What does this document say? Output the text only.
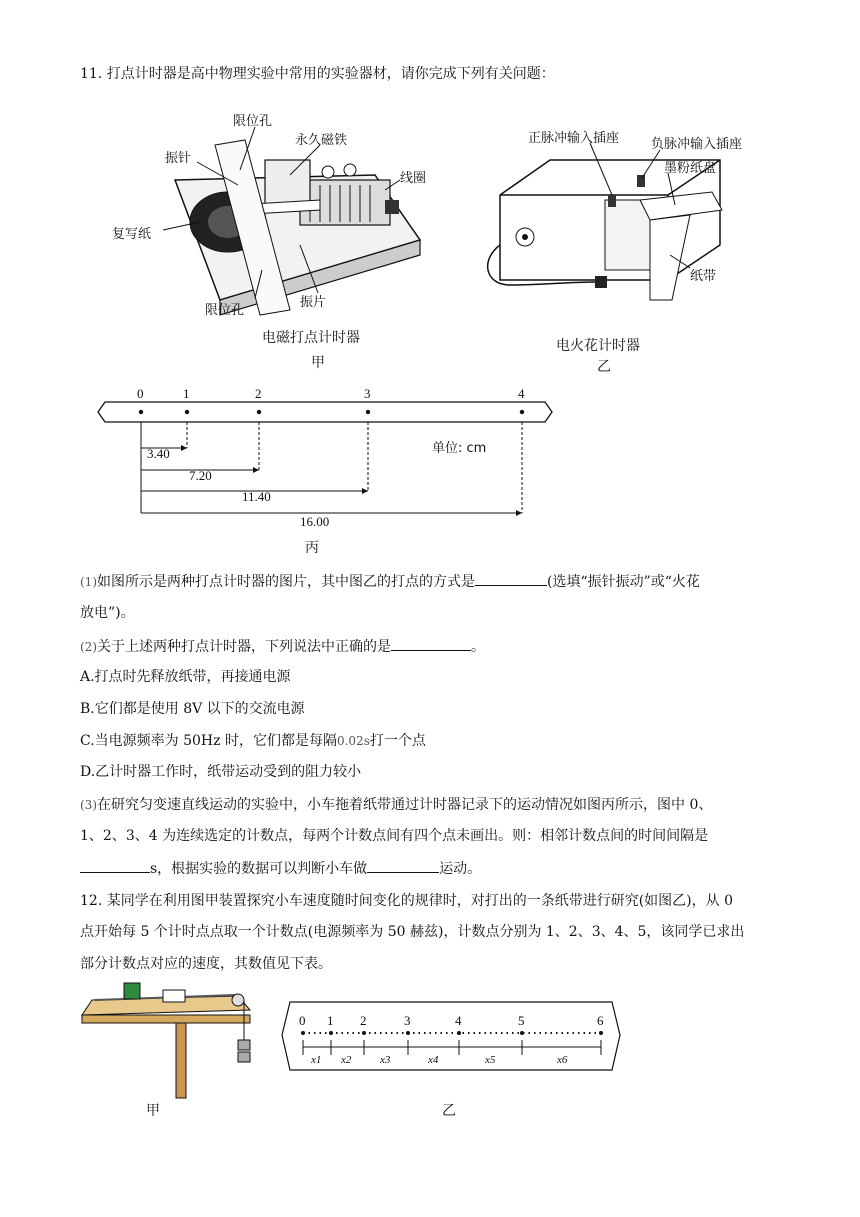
11. 打点计时器是高中物理实验中常用的实验器材，请你完成下列有关问题：
限位孔
永久磁铁
振针
线圈
复写纸
限位孔
振片
电磁打点计时器
甲
正脉冲输入插座 负脉冲输入插座
墨粉纸盘
纸带
电火花计时器
乙
0	1	2	3	4
3.40
7.20
11.40
16.00
单位: cm
丙
(1)如图所示是两种打点计时器的图片，其中图乙的打点的方式是	(选填“振针振动”或“火花
放电”)。
(2)关于上述两种打点计时器，下列说法中正确的是	。
A.打点时先释放纸带，再接通电源
B.它们都是使用 8V 以下的交流电源
C.当电源频率为 50Hz 时，它们都是每隔0.02s打一个点
D.乙计时器工作时，纸带运动受到的阻力较小
(3)在研究匀变速直线运动的实验中，小车拖着纸带通过计时器记录下的运动情况如图丙所示，图中 0、
1、2、3、4 为连续选定的计数点，每两个计数点间有四个点未画出。则：相邻计数点间的时间间隔是
s，根据实验的数据可以判断小车做	运动。
12. 某同学在利用图甲装置探究小车速度随时间变化的规律时，对打出的一条纸带进行研究(如图乙)，从 0
点开始每 5 个计时点点取一个计数点(电源频率为 50 赫兹)，计数点分别为 1、2、3、4、5，该同学已求出
部分计数点对应的速度，其数值见下表。
甲
0 1 2	3	4	5	6
x1 x2	x3	x4	x5	x6
乙
